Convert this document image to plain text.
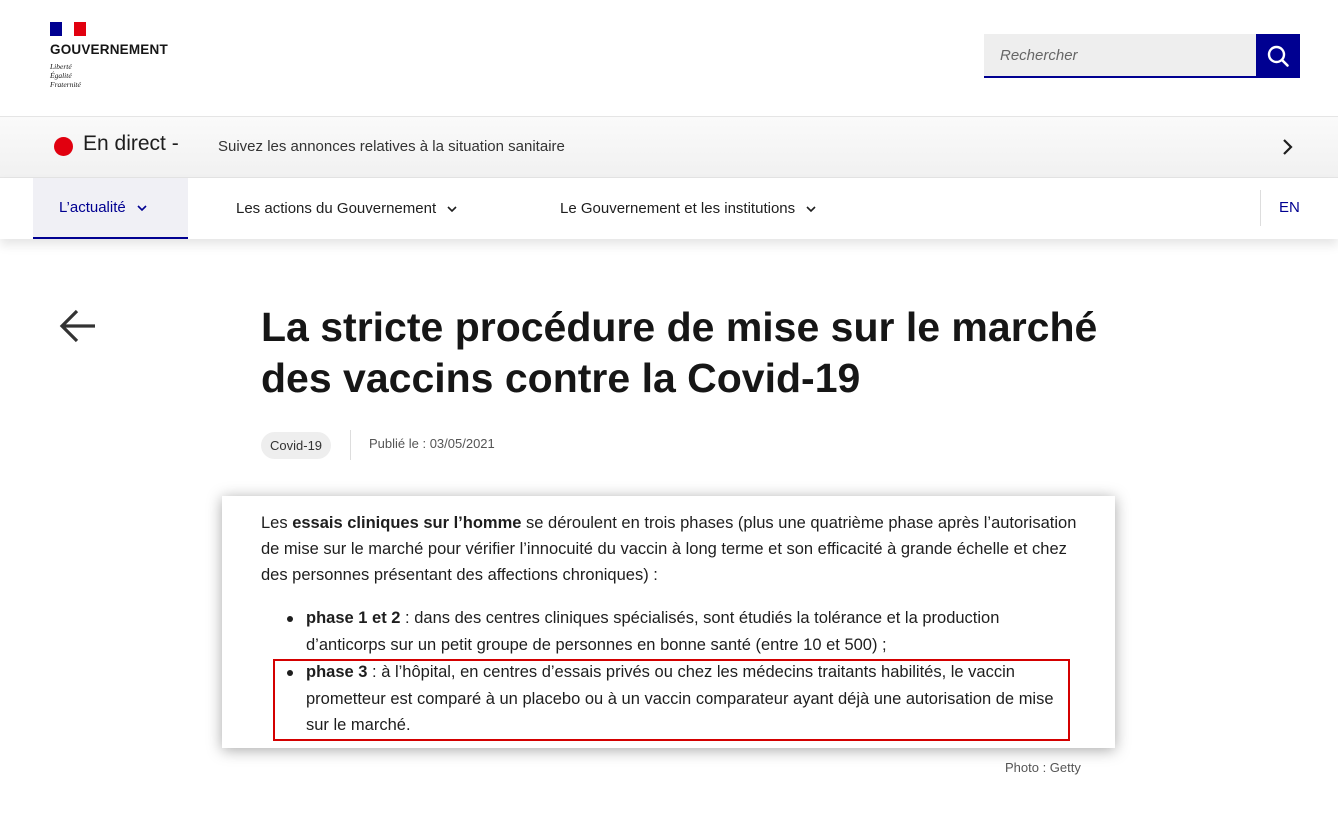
GOUVERNEMENT
Liberté
Égalité
Fraternité
Rechercher
En direct -	Suivez les annonces relatives à la situation sanitaire
L’actualité	Les actions du Gouvernement	Le Gouvernement et les institutions	EN
La stricte procédure de mise sur le marché des vaccins contre la Covid-19
Covid-19	Publié le : 03/05/2021

Les essais cliniques sur l’homme se déroulent en trois phases (plus une quatrième phase après l’autorisation de mise sur le marché pour vérifier l’innocuité du vaccin à long terme et son efficacité à grande échelle et chez des personnes présentant des affections chroniques) :

phase 1 et 2 : dans des centres cliniques spécialisés, sont étudiés la tolérance et la production d’anticorps sur un petit groupe de personnes en bonne santé (entre 10 et 500) ;
phase 3 : à l’hôpital, en centres d’essais privés ou chez les médecins traitants habilités, le vaccin prometteur est comparé à un placebo ou à un vaccin comparateur ayant déjà une autorisation de mise sur le marché.
Photo : Getty
